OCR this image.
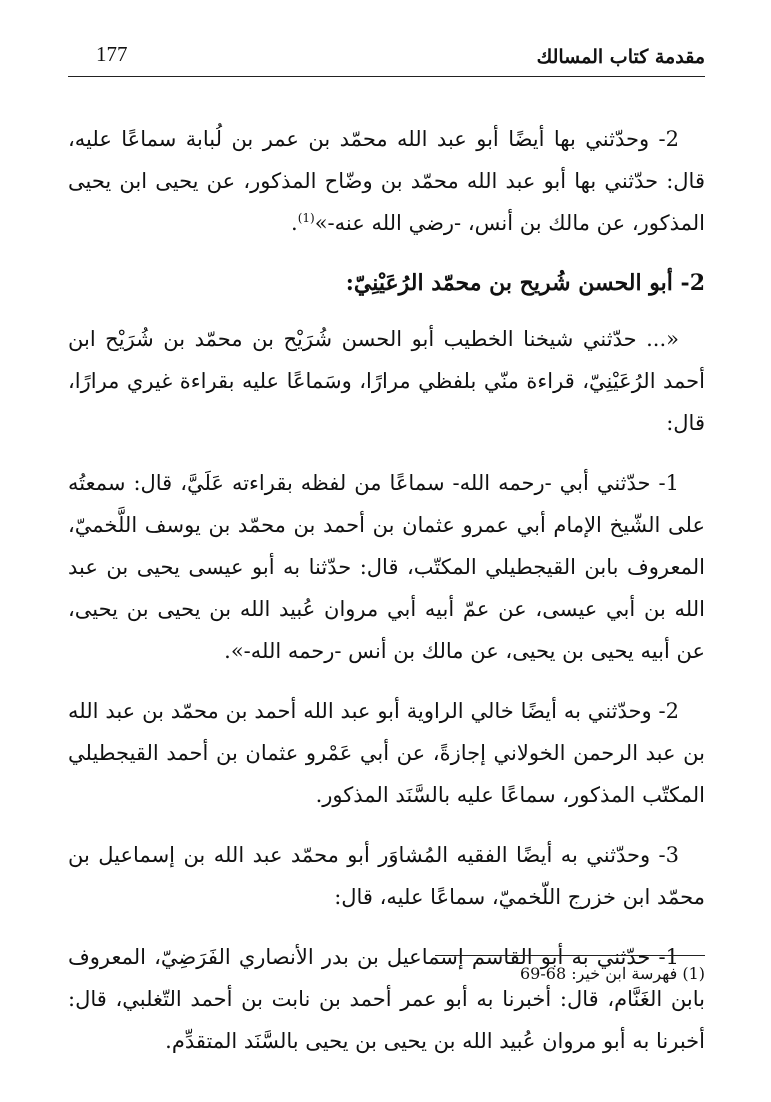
177	مقدمة كتاب المسالك

2- وحدّثني بها أيضًا أبو عبد الله محمّد بن عمر بن لُبابة سماعًا عليه، قال: حدّثني بها أبو عبد الله محمّد بن وضّاح المذكور، عن يحيى ابن يحيى المذكور، عن مالك بن أنس، -رضي الله عنه-»$^{(1)}$.

2- أبو الحسن شُريح بن محمّد الرُعَيْنِيّ:

«... حدّثني شيخنا الخطيب أبو الحسن شُرَيْح بن محمّد بن شُرَيْح ابن أحمد الرُعَيْنِيّ، قراءة منّي بلفظي مرارًا، وسَماعًا عليه بقراءة غيري مرارًا، قال:

1- حدّثني أبي -رحمه الله- سماعًا من لفظه بقراءته عَلَيَّ، قال: سمعتُه على الشّيخ الإمام أبي عمرو عثمان بن أحمد بن محمّد بن يوسف اللَّخميّ، المعروف بابن القيجطيلي المكتّب، قال: حدّثنا به أبو عيسى يحيى بن عبد الله بن أبي عيسى، عن عمّ أبيه أبي مروان عُبيد الله بن يحيى بن يحيى، عن أبيه يحيى بن يحيى، عن مالك بن أنس -رحمه الله-».

2- وحدّثني به أيضًا خالي الراوية أبو عبد الله أحمد بن محمّد بن عبد الله بن عبد الرحمن الخولاني إجازةً، عن أبي عَمْرو عثمان بن أحمد القيجطيلي المكتّب المذكور، سماعًا عليه بالسَّنَد المذكور.

3- وحدّثني به أيضًا الفقيه المُشاوَر أبو محمّد عبد الله بن إسماعيل بن محمّد ابن خزرج اللّخميّ، سماعًا عليه، قال:

1- حدّثني به أبو القاسم إسماعيل بن بدر الأنصاري الفَرَضِيّ، المعروف بابن الغَنَّام، قال: أخبرنا به أبو عمر أحمد بن نابت بن أحمد التّغلبي، قال: أخبرنا به أبو مروان عُبيد الله بن يحيى بن يحيى بالسَّنَد المتقدِّم.

(1) فهرسة ابن خير: 68-69
